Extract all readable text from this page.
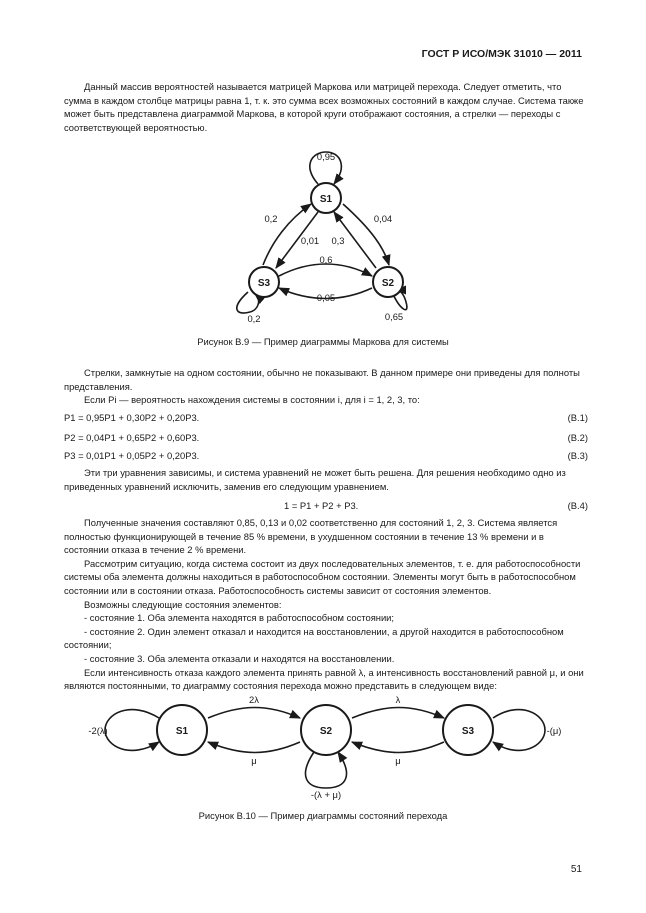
ГОСТ Р ИСО/МЭК 31010 — 2011

Данный массив вероятностей называется матрицей Маркова или матрицей перехода. Следует отметить, что сумма в каждом столбце матрицы равна 1, т. к. это сумма всех возможных состояний в каждом случае. Система также может быть представлена диаграммой Маркова, в которой круги отображают состояния, а стрелки — переходы с соответствующей вероятностью.

S1
S2
S3
0,95
0,04
0,2
0,01 0,3
0,6
0,05
0,2	0,65
Рисунок В.9 — Пример диаграммы Маркова для системы

Стрелки, замкнутые на одном состоянии, обычно не показывают. В данном примере они приведены для полноты представления.

Если Pi — вероятность нахождения системы в состоянии i, для i = 1, 2, 3, то:

P1 = 0,95P1 + 0,30P2 + 0,20P3.	(В.1)
P2 = 0,04P1 + 0,65P2 + 0,60P3.	(В.2)
P3 = 0,01P1 + 0,05P2 + 0,20P3.	(В.3)

Эти три уравнения зависимы, и система уравнений не может быть решена. Для решения необходимо одно из приведенных уравнений исключить, заменив его следующим уравнением.

1 = P1 + P2 + P3.	(В.4)

Полученные значения составляют 0,85, 0,13 и 0,02 соответственно для состояний 1, 2, 3. Система является полностью функционирующей в течение 85 % времени, в ухудшенном состоянии в течение 13 % времени и в состоянии отказа в течение 2 % времени.

Рассмотрим ситуацию, когда система состоит из двух последовательных элементов, т. е. для работоспособности системы оба элемента должны находиться в работоспособном состоянии. Элементы могут быть в работоспособном состоянии или в состоянии отказа. Работоспособность системы зависит от состояния элементов.

Возможны следующие состояния элементов:

- состояние 1. Оба элемента находятся в работоспособном состоянии;

- состояние 2. Один элемент отказал и находится на восстановлении, а другой находится в работоспособном состоянии;

- состояние 3. Оба элемента отказали и находятся на восстановлении.

Если интенсивность отказа каждого элемента принять равной λ, а интенсивность восстановлений равной μ, и они являются постоянными, то диаграмму состояния перехода можно представить в следующем виде:

S1	S2	S3
-2(λ)
2λ
μ
λ
μ
-(μ)
-(λ + μ)
Рисунок В.10 — Пример диаграммы состояний перехода
51
